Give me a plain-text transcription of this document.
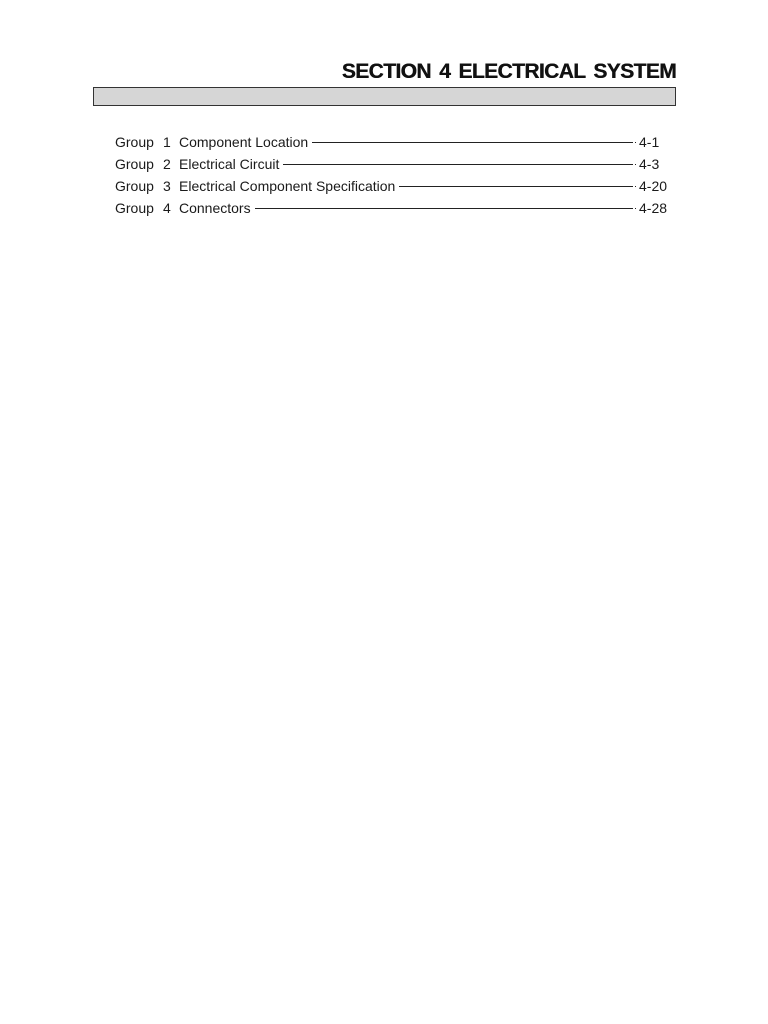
SECTION 4 ELECTRICAL SYSTEM
Group 1 Component Location	4-1
Group 2 Electrical Circuit	4-3
Group 3 Electrical Component Specification	4-20
Group 4 Connectors	4-28
